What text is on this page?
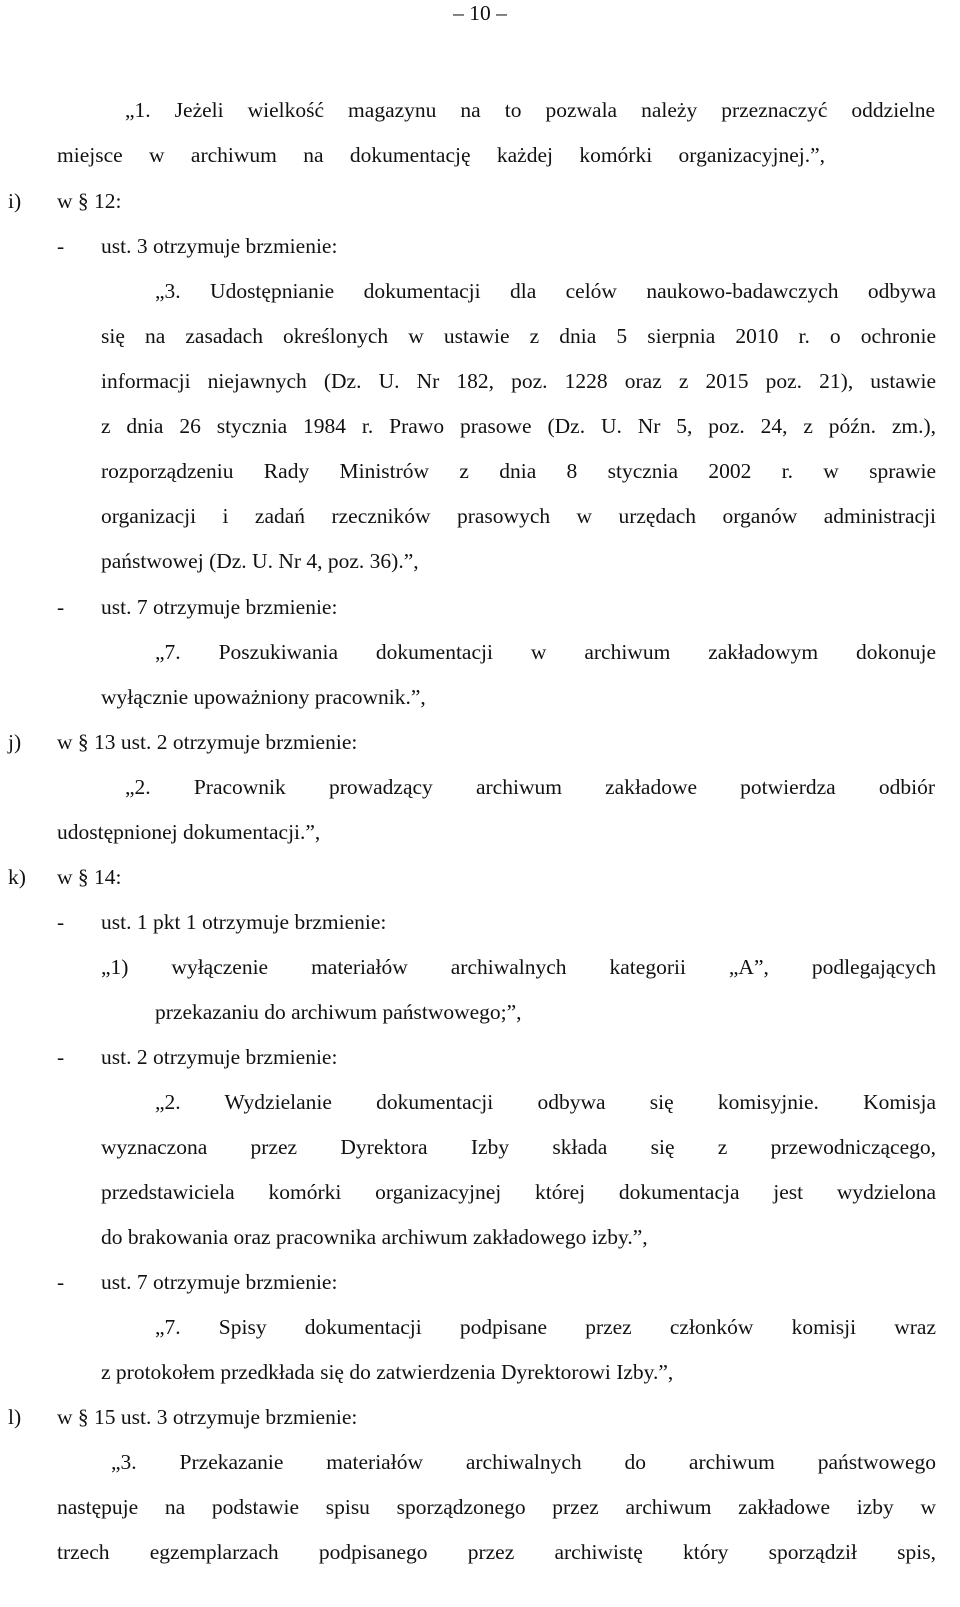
– 10 –
„1. Jeżeli wielkość magazynu na to pozwala należy przeznaczyć oddzielne
miejsce w archiwum na dokumentację każdej komórki organizacyjnej.”,
i) w § 12:
- ust. 3 otrzymuje brzmienie:
„3. Udostępnianie dokumentacji dla celów naukowo-badawczych odbywa
się na zasadach określonych w ustawie z dnia 5 sierpnia 2010 r. o ochronie
informacji niejawnych (Dz. U. Nr 182, poz. 1228 oraz z 2015 poz. 21), ustawie
z dnia 26 stycznia 1984 r. Prawo prasowe (Dz. U. Nr 5, poz. 24, z późn. zm.),
rozporządzeniu Rady Ministrów z dnia 8 stycznia 2002 r. w sprawie
organizacji i zadań rzeczników prasowych w urzędach organów administracji
państwowej (Dz. U. Nr 4, poz. 36).”,
- ust. 7 otrzymuje brzmienie:
„7. Poszukiwania dokumentacji w archiwum zakładowym dokonuje
wyłącznie upoważniony pracownik.”,
j) w § 13 ust. 2 otrzymuje brzmienie:
„2. Pracownik prowadzący archiwum zakładowe potwierdza odbiór
udostępnionej dokumentacji.”,
k) w § 14:
- ust. 1 pkt 1 otrzymuje brzmienie:
„1) wyłączenie materiałów archiwalnych kategorii „A”, podlegających
przekazaniu do archiwum państwowego;”,
- ust. 2 otrzymuje brzmienie:
„2. Wydzielanie dokumentacji odbywa się komisyjnie. Komisja
wyznaczona przez Dyrektora Izby składa się z przewodniczącego,
przedstawiciela komórki organizacyjnej której dokumentacja jest wydzielona
do brakowania oraz pracownika archiwum zakładowego izby.”,
- ust. 7 otrzymuje brzmienie:
„7. Spisy dokumentacji podpisane przez członków komisji wraz
z protokołem przedkłada się do zatwierdzenia Dyrektorowi Izby.”,
l) w § 15 ust. 3 otrzymuje brzmienie:
„3. Przekazanie materiałów archiwalnych do archiwum państwowego
następuje na podstawie spisu sporządzonego przez archiwum zakładowe izby w
trzech egzemplarzach podpisanego przez archiwistę który sporządził spis,
